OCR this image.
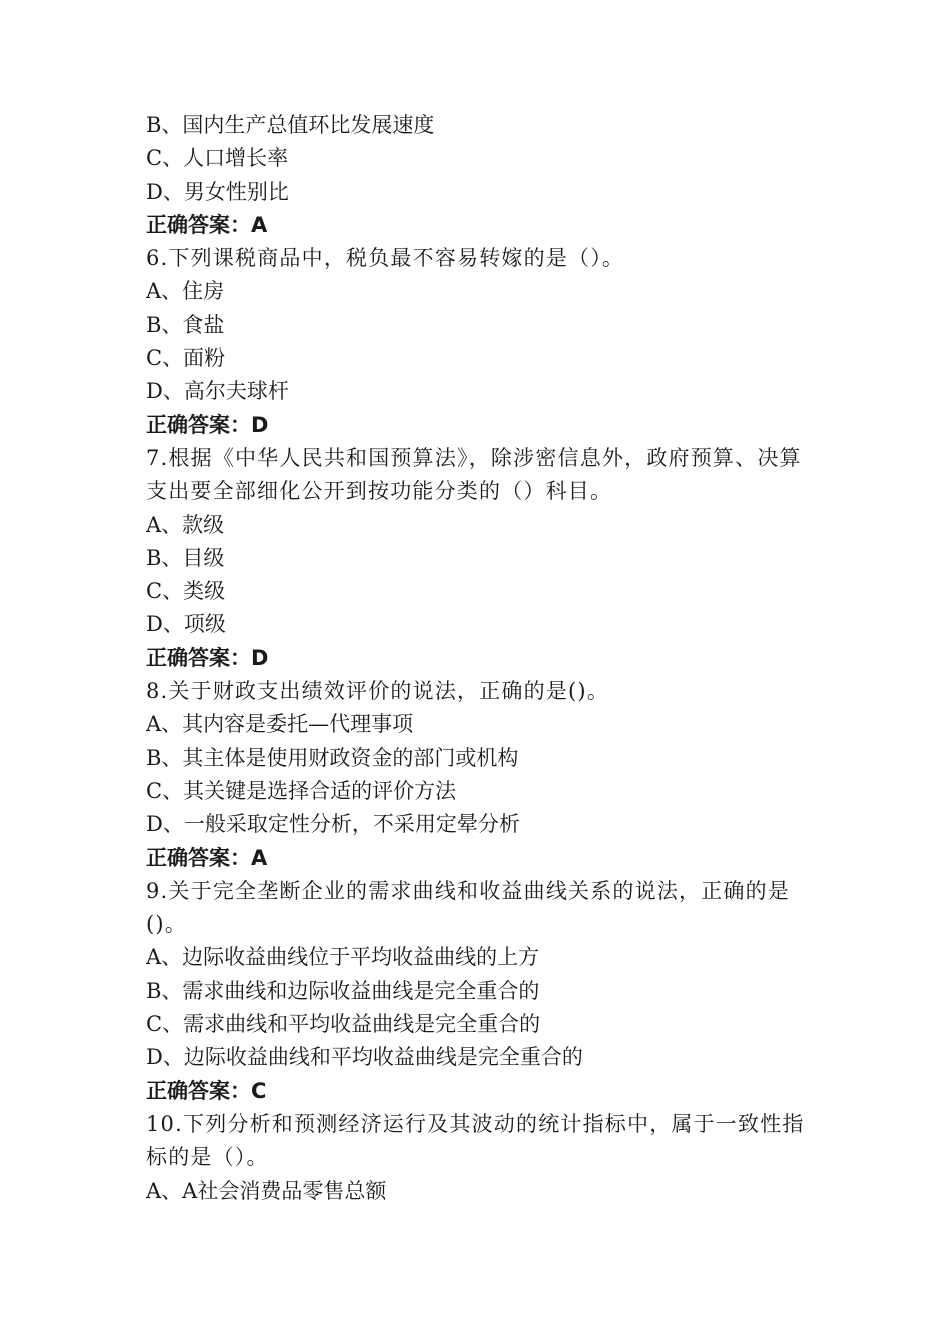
B、国内生产总值环比发展速度
C、人口增长率
D、男女性别比
正确答案：A
6.下列课税商品中，税负最不容易转嫁的是（）。
A、住房
B、食盐
C、面粉
D、高尔夫球杆
正确答案：D
7.根据《中华人民共和国预算法》，除涉密信息外，政府预算、决算
支出要全部细化公开到按功能分类的（）科目。
A、款级
B、目级
C、类级
D、项级
正确答案：D
8.关于财政支出绩效评价的说法，正确的是()。
A、其内容是委托—代理事项
B、其主体是使用财政资金的部门或机构
C、其关键是选择合适的评价方法
D、一般采取定性分析，不采用定晕分析
正确答案：A
9.关于完全垄断企业的需求曲线和收益曲线关系的说法，正确的是
()。
A、边际收益曲线位于平均收益曲线的上方
B、需求曲线和边际收益曲线是完全重合的
C、需求曲线和平均收益曲线是完全重合的
D、边际收益曲线和平均收益曲线是完全重合的
正确答案：C
10.下列分析和预测经济运行及其波动的统计指标中，属于一致性指
标的是（）。
A、A社会消费品零售总额
